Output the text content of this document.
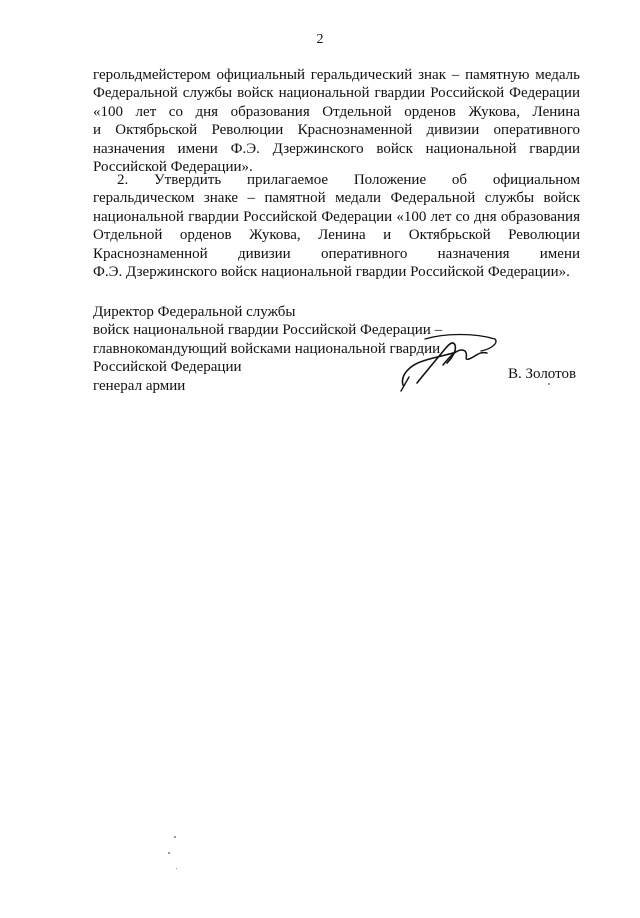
2
герольдмейстером официальный геральдический знак – памятную медаль
Федеральной службы войск национальной гвардии Российской Федерации
«100 лет со дня образования Отдельной орденов Жукова, Ленина
и Октябрьской Революции Краснознаменной дивизии оперативного
назначения имени Ф.Э. Дзержинского войск национальной гвардии
Российской Федерации».
2. Утвердить прилагаемое Положение об официальном
геральдическом знаке – памятной медали Федеральной службы войск
национальной гвардии Российской Федерации «100 лет со дня образования
Отдельной орденов Жукова, Ленина и Октябрьской Революции
Краснознаменной дивизии оперативного назначения имени
Ф.Э. Дзержинского войск национальной гвардии Российской Федерации».
Директор Федеральной службы
войск национальной гвардии Российской Федерации –
главнокомандующий войсками национальной гвардии
Российской Федерации
генерал армии
В. Золотов
